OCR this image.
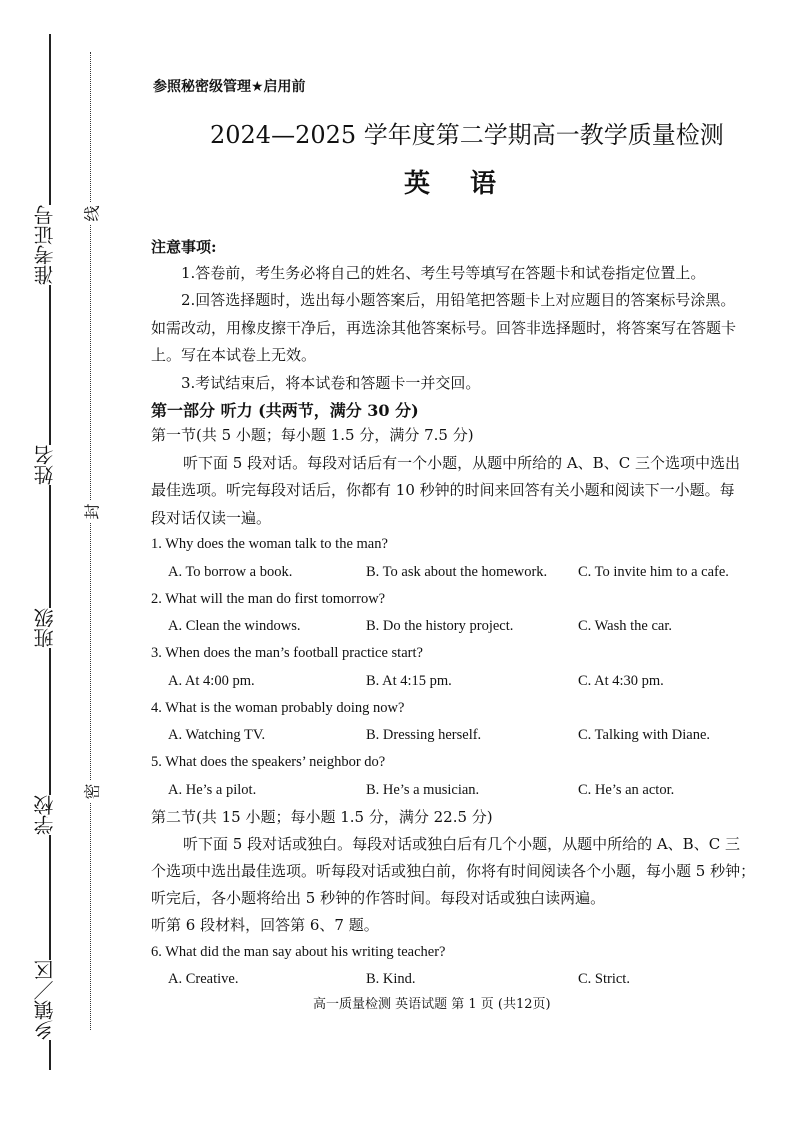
准考证号
姓名
班级
学校
乡镇／区
线
封
密
参照秘密级管理★启用前
2024—2025 学年度第二学期高一教学质量检测
英语
注意事项:
1.答卷前，考生务必将自己的姓名、考生号等填写在答题卡和试卷指定位置上。
2.回答选择题时，选出每小题答案后，用铅笔把答题卡上对应题目的答案标号涂黑。
如需改动，用橡皮擦干净后，再选涂其他答案标号。回答非选择题时，将答案写在答题卡
上。写在本试卷上无效。
3.考试结束后，将本试卷和答题卡一并交回。
第一部分 听力 (共两节，满分 30 分)
第一节(共 5 小题；每小题 1.5 分，满分 7.5 分)
听下面 5 段对话。每段对话后有一个小题，从题中所给的 A、B、C 三个选项中选出
最佳选项。听完每段对话后，你都有 10 秒钟的时间来回答有关小题和阅读下一小题。每
段对话仅读一遍。
1. Why does the woman talk to the man?
A. To borrow a book.	B. To ask about the homework. C. To invite him to a cafe.
2. What will the man do first tomorrow?
A. Clean the windows.	B. Do the history project.	C. Wash the car.
3. When does the man’s football practice start?
A. At 4:00 pm.	B. At 4:15 pm.	C. At 4:30 pm.
4. What is the woman probably doing now?
A. Watching TV.	B. Dressing herself.	C. Talking with Diane.
5. What does the speakers’ neighbor do?
A. He’s a pilot.	B. He’s a musician.	C. He’s an actor.
第二节(共 15 小题；每小题 1.5 分，满分 22.5 分)
听下面 5 段对话或独白。每段对话或独白后有几个小题，从题中所给的 A、B、C 三
个选项中选出最佳选项。听每段对话或独白前，你将有时间阅读各个小题，每小题 5 秒钟；
听完后，各小题将给出 5 秒钟的作答时间。每段对话或独白读两遍。
听第 6 段材料，回答第 6、7 题。
6. What did the man say about his writing teacher?
A. Creative.	B. Kind.	C. Strict.
高一质量检测 英语试题 第 1 页 (共12页)
